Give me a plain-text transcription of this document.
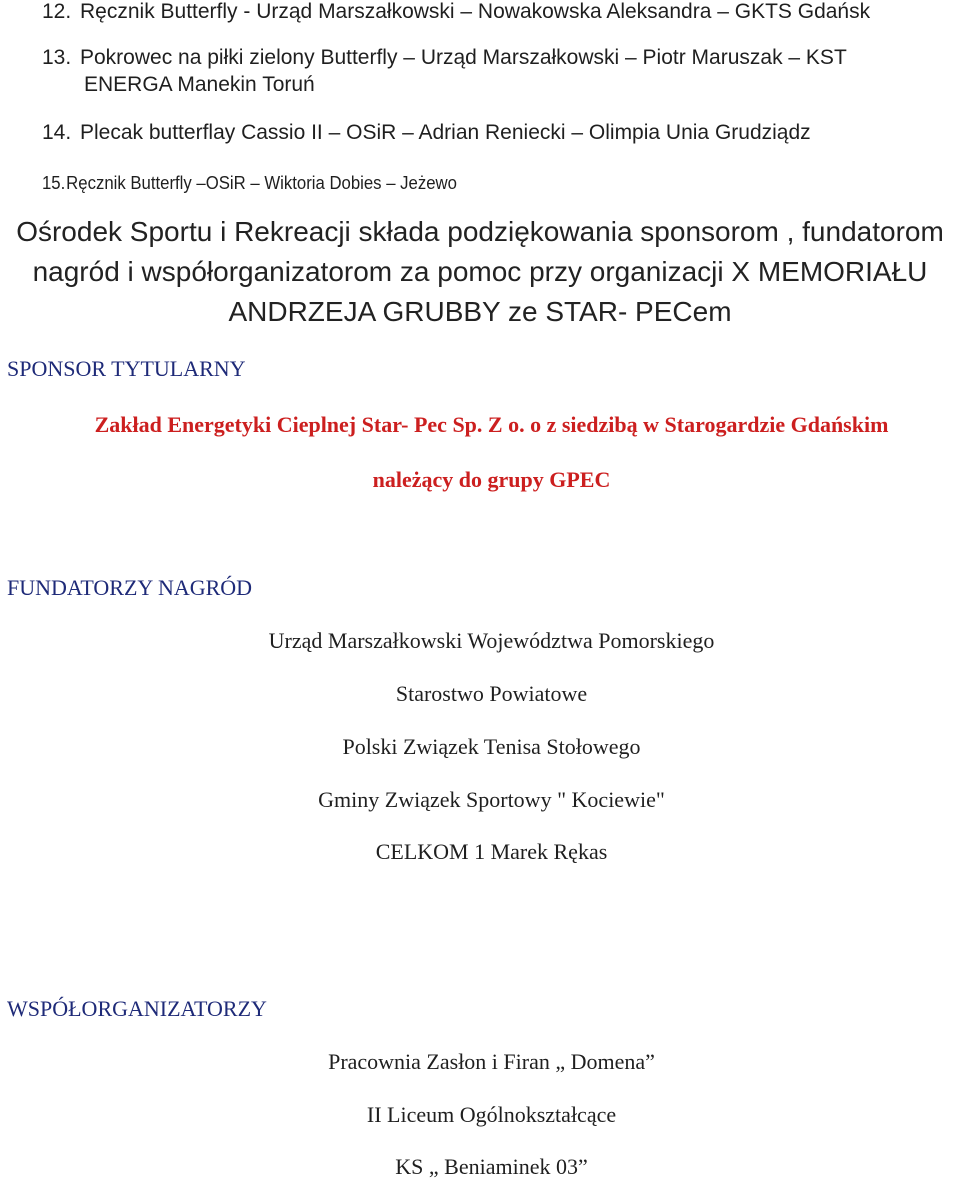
12. Ręcznik Butterfly - Urząd Marszałkowski – Nowakowska Aleksandra – GKTS Gdańsk
13. Pokrowec na piłki zielony Butterfly – Urząd Marszałkowski – Piotr Maruszak – KST
ENERGA Manekin Toruń
14. Plecak butterflay Cassio II – OSiR – Adrian Reniecki – Olimpia Unia Grudziądz
15.Ręcznik Butterfly –OSiR – Wiktoria Dobies – Jeżewo
Ośrodek Sportu i Rekreacji składa podziękowania sponsorom , fundatorom
nagród i współorganizatorom za pomoc przy organizacji X MEMORIAŁU
ANDRZEJA GRUBBY ze STAR- PECem
SPONSOR TYTULARNY
Zakład Energetyki Cieplnej Star- Pec Sp. Z o. o z siedzibą w Starogardzie Gdańskim
należący do grupy GPEC
FUNDATORZY NAGRÓD
Urząd Marszałkowski Województwa Pomorskiego
Starostwo Powiatowe
Polski Związek Tenisa Stołowego
Gminy Związek Sportowy " Kociewie"
CELKOM 1 Marek Rękas
WSPÓŁORGANIZATORZY
Pracownia Zasłon i Firan „ Domena”
II Liceum Ogólnokształcące
KS „ Beniaminek 03”
